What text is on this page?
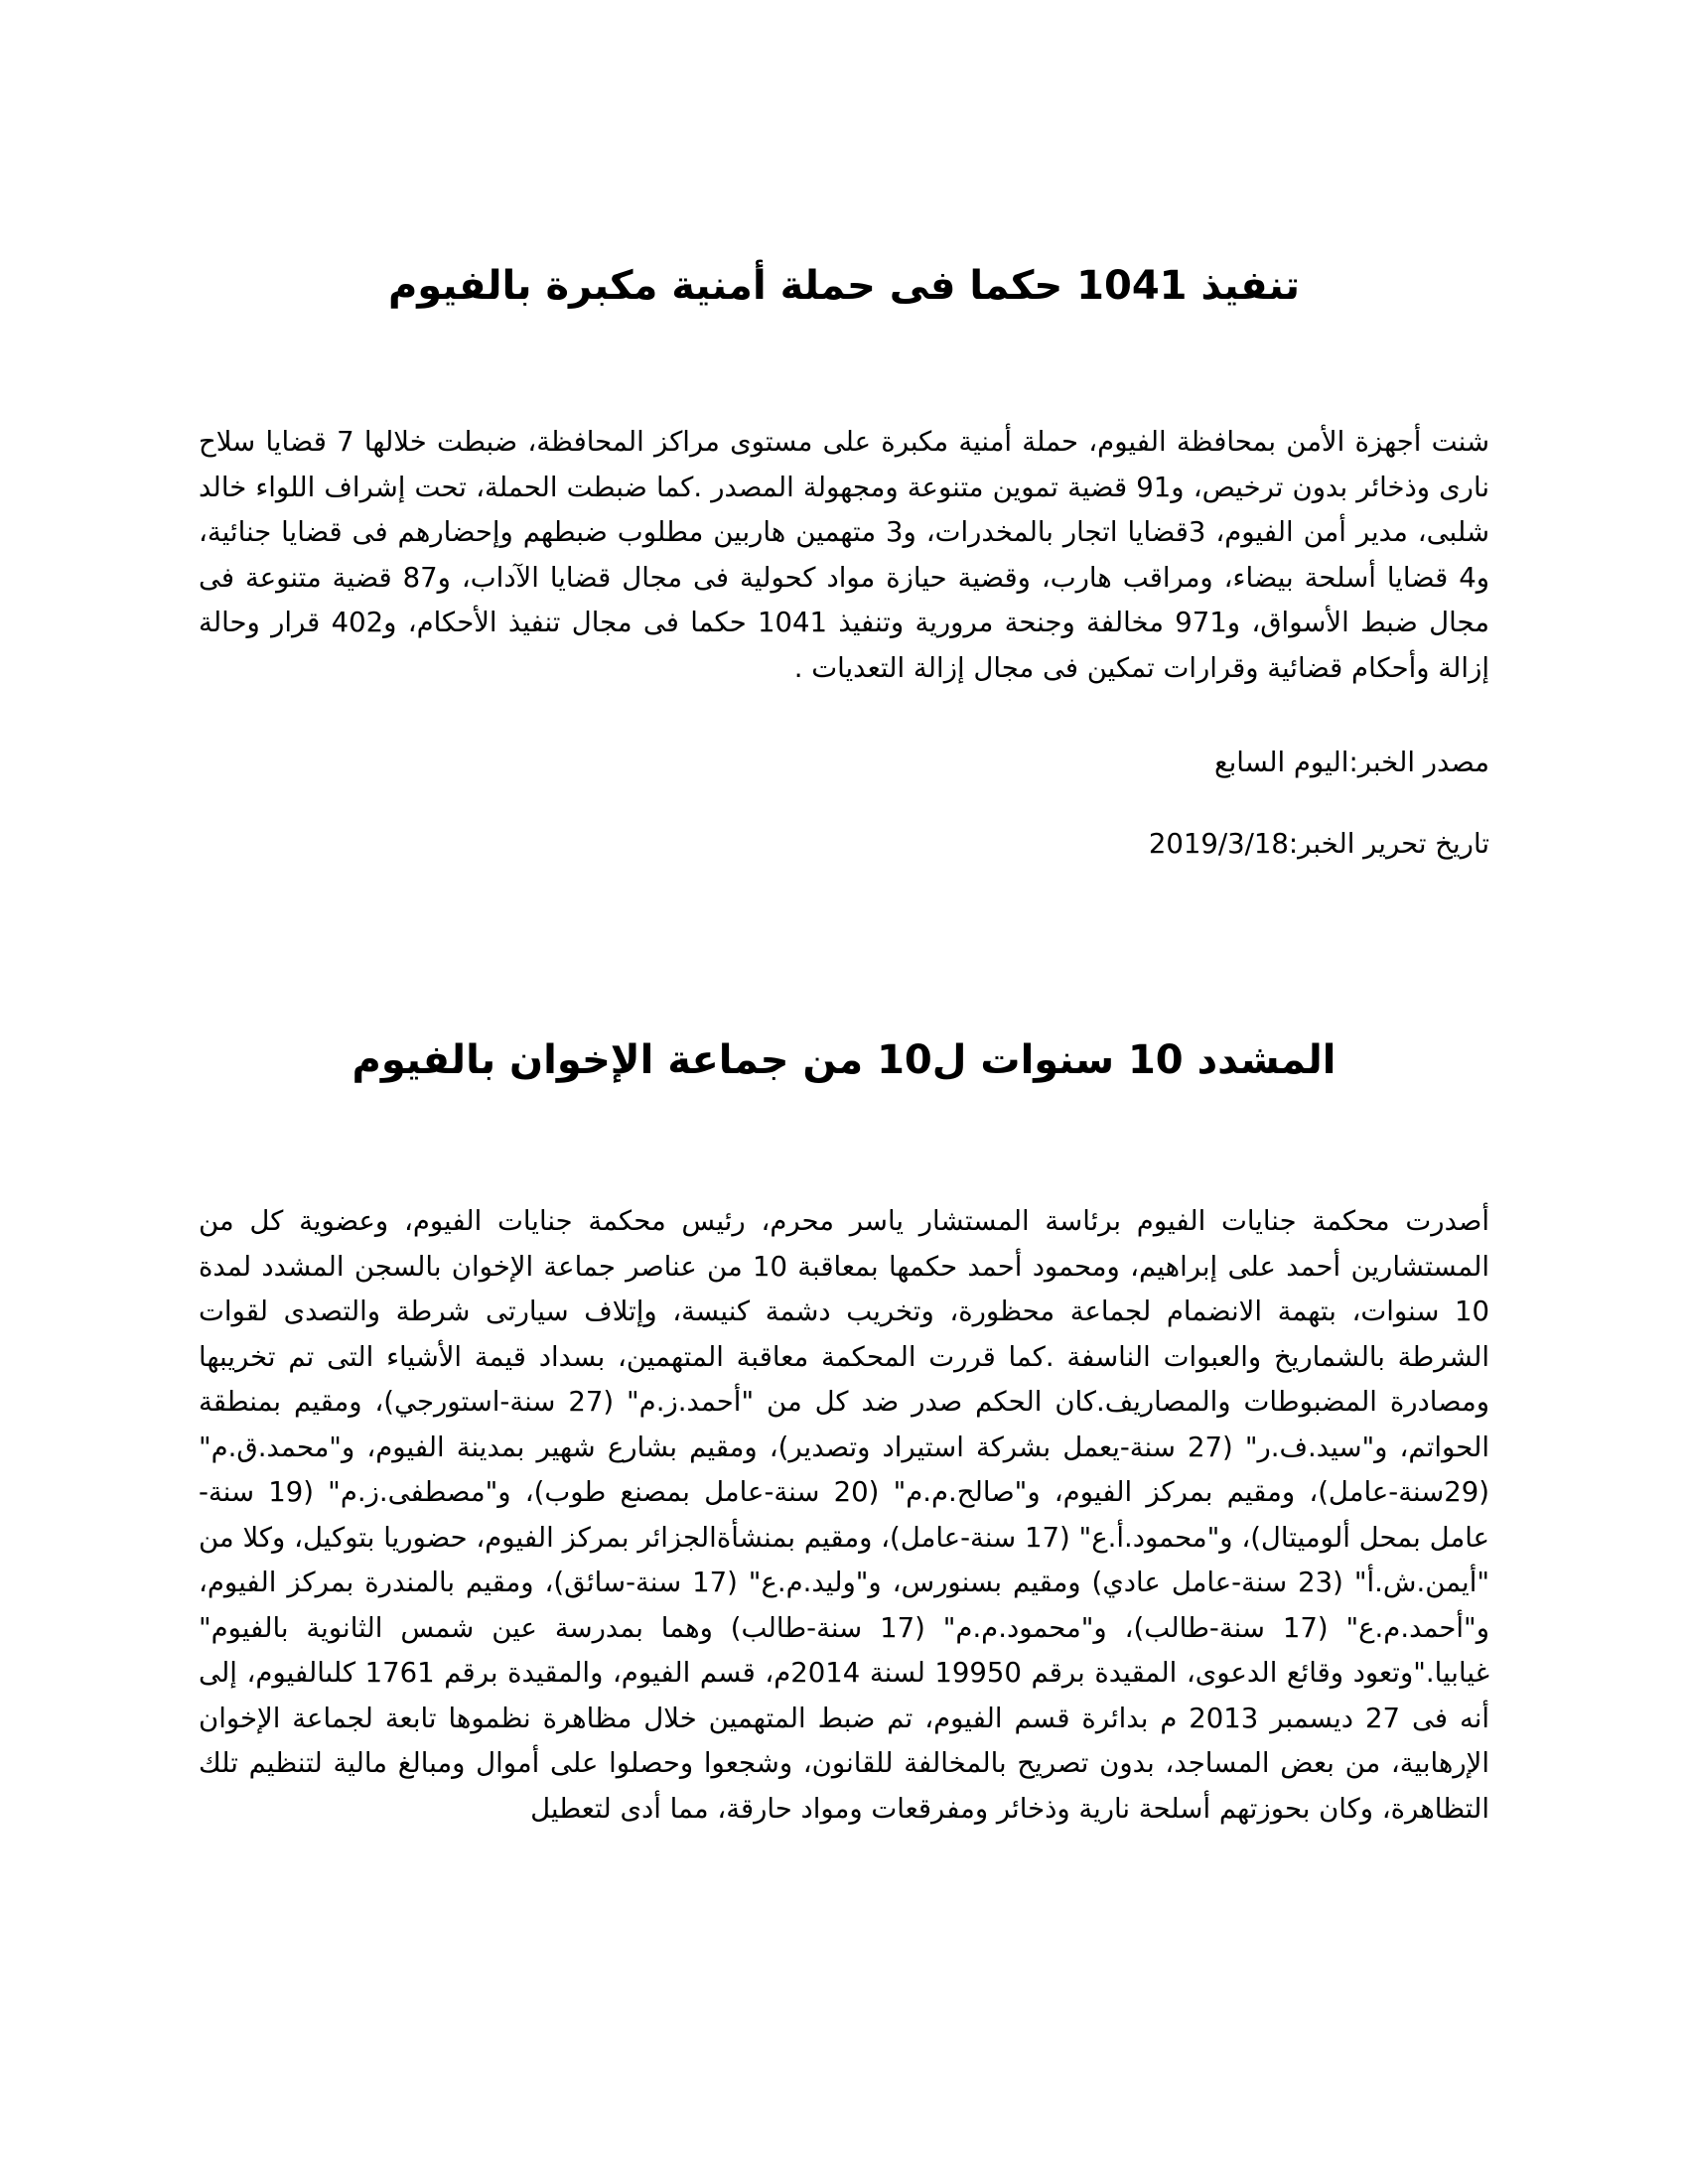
تنفيذ 1041 حكما فى حملة أمنية مكبرة بالفيوم

شنت أجهزة الأمن بمحافظة الفيوم، حملة أمنية مكبرة على مستوى مراكز المحافظة، ضبطت خلالها 7 قضايا سلاح نارى وذخائر بدون ترخيص، و91 قضية تموين متنوعة ومجهولة المصدر .كما ضبطت الحملة، تحت إشراف اللواء خالد شلبى، مدير أمن الفيوم، 3قضايا اتجار بالمخدرات، و3 متهمين هاربين مطلوب ضبطهم وإحضارهم فى قضايا جنائية، و4 قضايا أسلحة بيضاء، ومراقب هارب، وقضية حيازة مواد كحولية فى مجال قضايا الآداب، و87 قضية متنوعة فى مجال ضبط الأسواق، و971 مخالفة وجنحة مرورية وتنفيذ 1041 حكما فى مجال تنفيذ الأحكام، و402 قرار وحالة إزالة وأحكام قضائية وقرارات تمكين فى مجال إزالة التعديات .

مصدر الخبر:اليوم السابع

تاريخ تحرير الخبر:2019/3/18

المشدد 10 سنوات ل10 من جماعة الإخوان بالفيوم

أصدرت محكمة جنايات الفيوم برئاسة المستشار ياسر محرم، رئيس محكمة جنايات الفيوم، وعضوية كل من المستشارين أحمد على إبراهيم، ومحمود أحمد حكمها بمعاقبة 10 من عناصر جماعة الإخوان بالسجن المشدد لمدة 10 سنوات، بتهمة الانضمام لجماعة محظورة، وتخريب دشمة كنيسة، وإتلاف سيارتى شرطة والتصدى لقوات الشرطة بالشماريخ والعبوات الناسفة .كما قررت المحكمة معاقبة المتهمين، بسداد قيمة الأشياء التى تم تخريبها ومصادرة المضبوطات والمصاريف.كان الحكم صدر ضد كل من "أحمد.ز.م" (27 سنة-استورجي)، ومقيم بمنطقة الحواتم، و"سيد.ف.ر" (27 سنة-يعمل بشركة استيراد وتصدير)، ومقيم بشارع شهير بمدينة الفيوم، و"محمد.ق.م" (29سنة-عامل)، ومقيم بمركز الفيوم، و"صالح.م.م" (20 سنة-عامل بمصنع طوب)، و"مصطفى.ز.م" (19 سنة-عامل بمحل ألوميتال)، و"محمود.أ.ع" (17 سنة-عامل)، ومقيم بمنشأةالجزائر بمركز الفيوم، حضوريا بتوكيل، وكلا من "أيمن.ش.أ" (23 سنة-عامل عادي) ومقيم بسنورس، و"وليد.م.ع" (17 سنة-سائق)، ومقيم بالمندرة بمركز الفيوم، و"أحمد.م.ع" (17 سنة-طالب)، و"محمود.م.م" (17 سنة-طالب) وهما بمدرسة عين شمس الثانوية بالفيوم" غيابيا."وتعود وقائع الدعوى، المقيدة برقم 19950 لسنة 2014م، قسم الفيوم، والمقيدة برقم 1761 كلىالفيوم، إلى أنه فى 27 ديسمبر 2013 م بدائرة قسم الفيوم، تم ضبط المتهمين خلال مظاهرة نظموها تابعة لجماعة الإخوان الإرهابية، من بعض المساجد، بدون تصريح بالمخالفة للقانون، وشجعوا وحصلوا على أموال ومبالغ مالية لتنظيم تلك التظاهرة، وكان بحوزتهم أسلحة نارية وذخائر ومفرقعات ومواد حارقة، مما أدى لتعطيل
